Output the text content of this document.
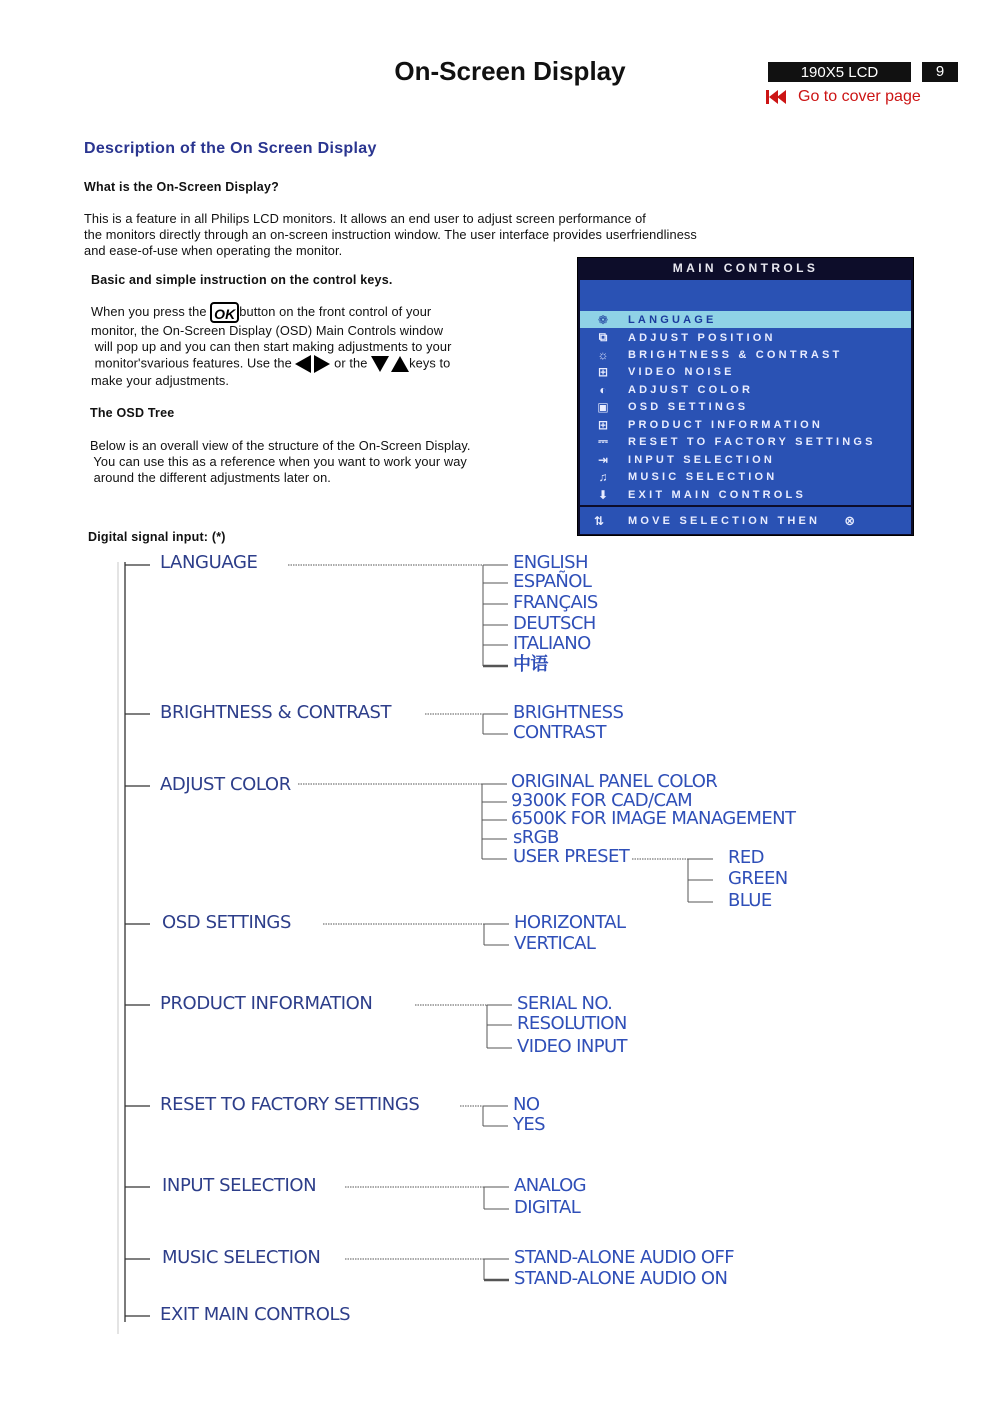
On-Screen Display	190X5 LCD	9
Go to cover page
Description of the On Screen Display
What is the On-Screen Display?

This is a feature in all Philips LCD monitors. It allows an end user to adjust screen performance of

the monitors directly through an on-screen instruction window. The user interface provides userfriendliness

and ease-of-use when operating the monitor.

Basic and simple instruction on the control keys.

When you press the OK button on the front control of your

monitor, the On-Screen Display (OSD) Main Controls window

will pop up and you can then start making adjustments to your

monitor'svarious features. Use the	or the	keys to

make your adjustments.

The OSD Tree

Below is an overall view of the structure of the On-Screen Display.

You can use this as a reference when you want to work your way

around the different adjustments later on.

Digital signal input: (*)
MAIN CONTROLS
❁	LANGUAGE
⧉	ADJUST POSITION
☼	BRIGHTNESS & CONTRAST
⊞	VIDEO NOISE
◐	ADJUST COLOR
▣	OSD SETTINGS
⊞	PRODUCT INFORMATION
⎓	RESET TO FACTORY SETTINGS
⇥	INPUT SELECTION
♫	MUSIC SELECTION
⬇	EXIT MAIN CONTROLS
⇅	MOVE SELECTION THEN ⊗
LANGUAGE
BRIGHTNESS & CONTRAST
ADJUST COLOR
OSD SETTINGS
PRODUCT INFORMATION
RESET TO FACTORY SETTINGS
INPUT SELECTION
MUSIC SELECTION
EXIT MAIN CONTROLS
ENGLISH
ESPAÑOL
FRANÇAIS
DEUTSCH
ITALIANO
中语
BRIGHTNESS
CONTRAST
ORIGINAL PANEL COLOR
9300K FOR CAD/CAM
6500K FOR IMAGE MANAGEMENT
sRGB
USER PRESET	RED
GREEN
BLUE
HORIZONTAL
VERTICAL
SERIAL NO.
RESOLUTION
VIDEO INPUT
NO
YES
ANALOG
DIGITAL
STAND-ALONE AUDIO OFF
STAND-ALONE AUDIO ON
